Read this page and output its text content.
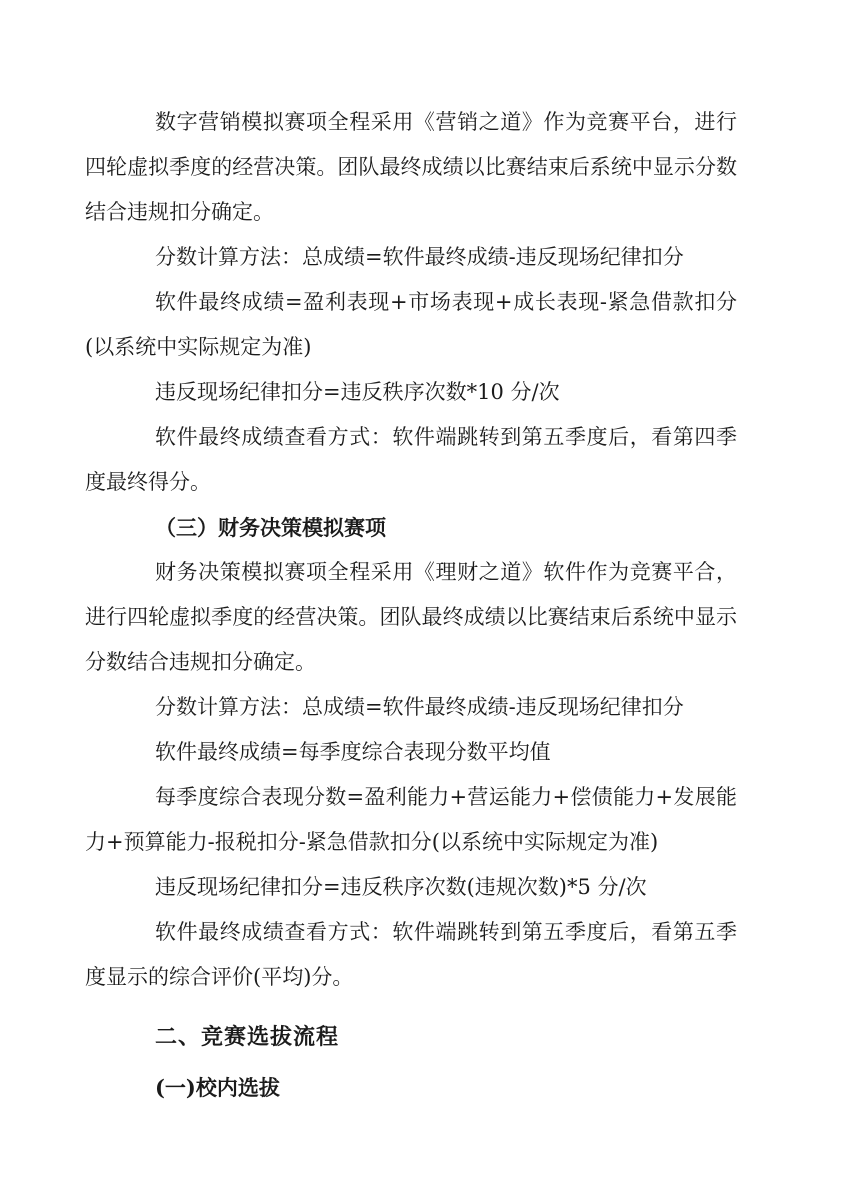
数字营销模拟赛项全程采用《营销之道》作为竞赛平台，进行四轮虚拟季度的经营决策。团队最终成绩以比赛结束后系统中显示分数结合违规扣分确定。

分数计算方法：总成绩=软件最终成绩-违反现场纪律扣分

软件最终成绩=盈利表现+市场表现+成长表现-紧急借款扣分(以系统中实际规定为准)

违反现场纪律扣分=违反秩序次数*10 分/次

软件最终成绩查看方式：软件端跳转到第五季度后，看第四季度最终得分。

（三）财务决策模拟赛项

财务决策模拟赛项全程采用《理财之道》软件作为竞赛平合，进行四轮虚拟季度的经营决策。团队最终成绩以比赛结束后系统中显示分数结合违规扣分确定。

分数计算方法：总成绩=软件最终成绩-违反现场纪律扣分

软件最终成绩=每季度综合表现分数平均值

每季度综合表现分数=盈利能力+营运能力+偿债能力+发展能力+预算能力-报税扣分-紧急借款扣分(以系统中实际规定为准)

违反现场纪律扣分=违反秩序次数(违规次数)*5 分/次

软件最终成绩查看方式：软件端跳转到第五季度后，看第五季度显示的综合评价(平均)分。

二、竞赛选拔流程

(一)校内选拔
